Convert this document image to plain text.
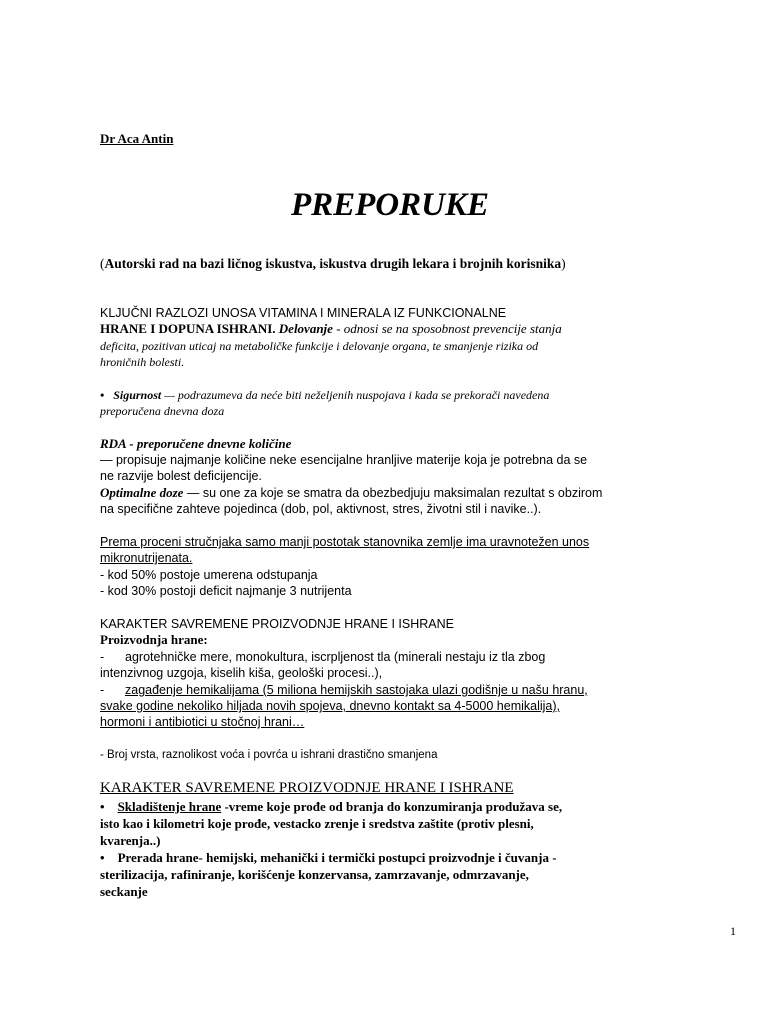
Dr Aca Antin
PREPORUKE
(Autorski rad na bazi ličnog iskustva, iskustva drugih lekara i brojnih korisnika)
KLJUČNI RAZLOZI UNOSA VITAMINA I MINERALA IZ FUNKCIONALNE
HRANE I DOPUNA ISHRANI. Delovanje - odnosi se na sposobnost prevencije stanja
deficita, pozitivan uticaj na metaboličke funkcije i delovanje organa, te smanjenje rizika od
hroničnih bolesti.
• Sigurnost — podrazumeva da neće biti neželjenih nuspojava i kada se prekorači navedena
preporučena dnevna doza
RDA - preporučene dnevne količine
— propisuje najmanje količine neke esencijalne hranljive materije koja je potrebna da se
ne razvije bolest deficijencije.
Optimalne doze — su one za koje se smatra da obezbedjuju maksimalan rezultat s obzirom
na specifične zahteve pojedinca (dob, pol, aktivnost, stres, životni stil i navike..).
Prema proceni stručnjaka samo manji postotak stanovnika zemlje ima uravnotežen unos
mikronutrijenata.
- kod 50% postoje umerena odstupanja
- kod 30% postoji deficit najmanje 3 nutrijenta
KARAKTER SAVREMENE PROIZVODNJE HRANE I ISHRANE
Proizvodnja hrane:
- agrotehničke mere, monokultura, iscrpljenost tla (minerali nestaju iz tla zbog
intenzivnog uzgoja, kiselih kiša, geološki procesi..),
- zagađenje hemikalijama (5 miliona hemijskih sastojaka ulazi godišnje u našu hranu,
svake godine nekoliko hiljada novih spojeva, dnevno kontakt sa 4-5000 hemikalija),
hormoni i antibiotici u stočnoj hrani…
- Broj vrsta, raznolikost voća i povrća u ishrani drastično smanjena
KARAKTER SAVREMENE PROIZVODNJE HRANE I ISHRANE
• Skladištenje hrane -vreme koje prođe od branja do konzumiranja produžava se,
isto kao i kilometri koje prođe, vestacko zrenje i sredstva zaštite (protiv plesni,
kvarenja..)
• Prerada hrane- hemijski, mehanički i termički postupci proizvodnje i čuvanja -
sterilizacija, rafiniranje, korišćenje konzervansa, zamrzavanje, odmrzavanje,
seckanje
1
